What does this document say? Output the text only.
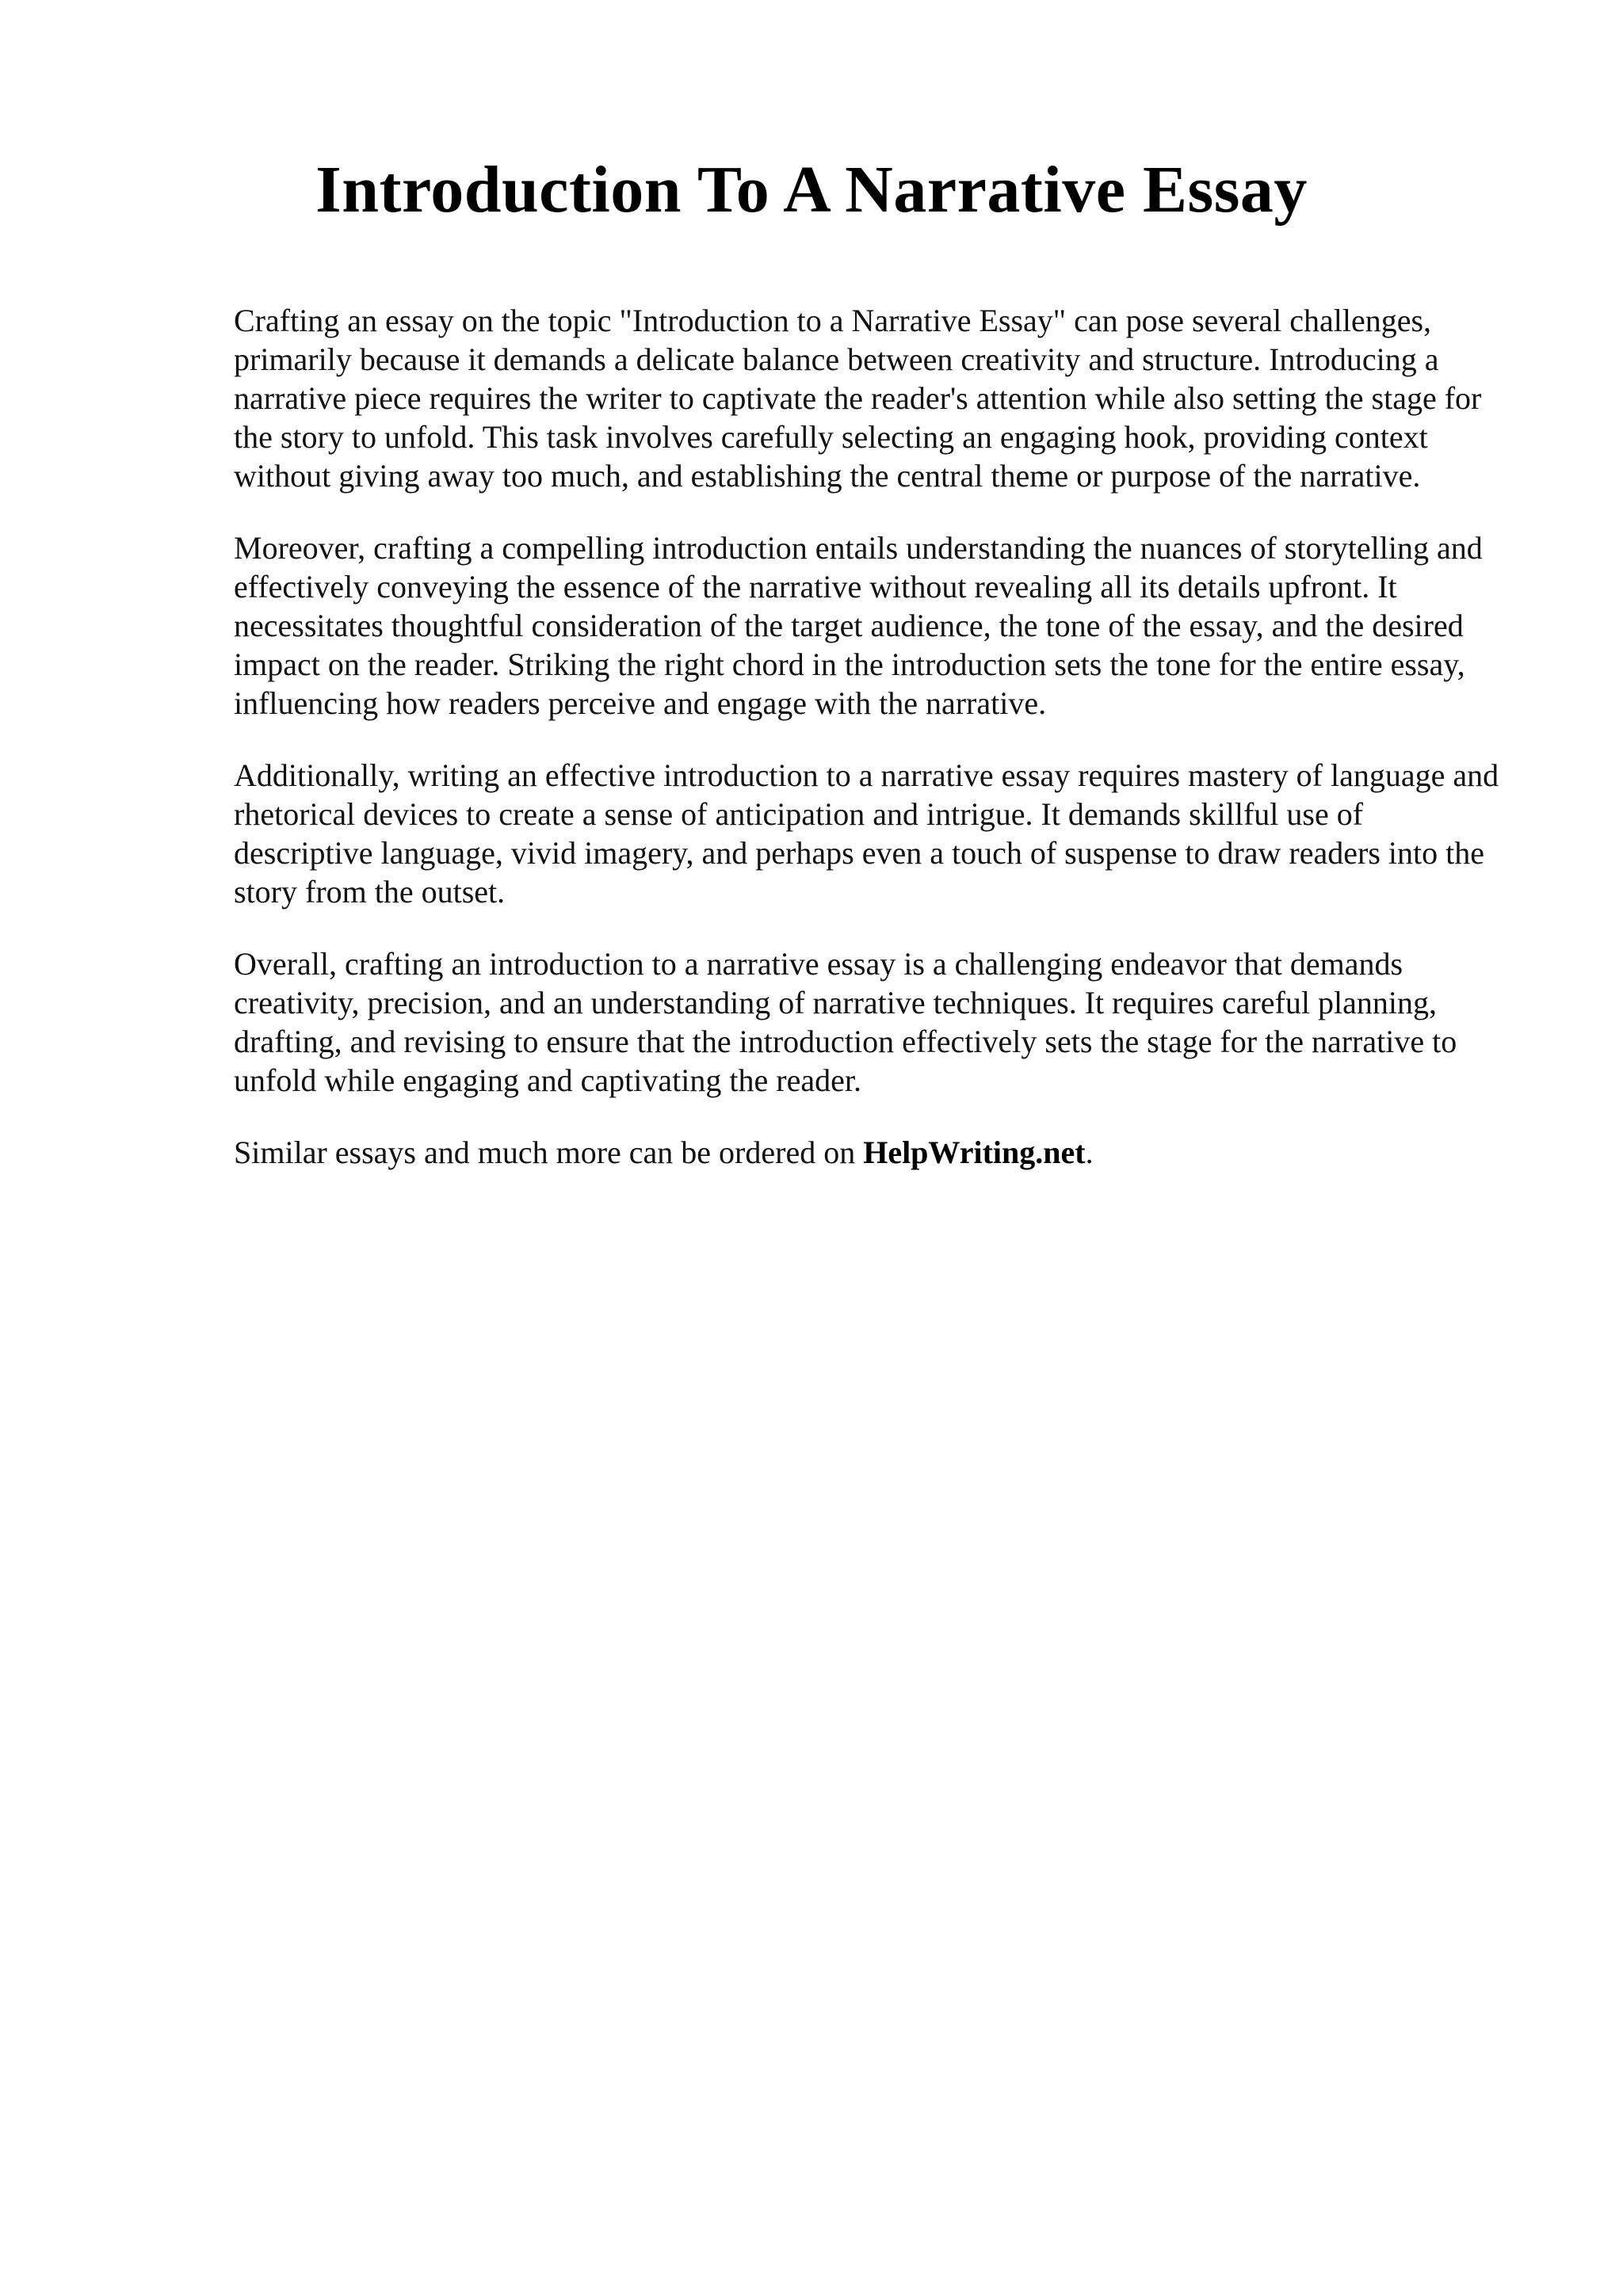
Introduction To A Narrative Essay

Crafting an essay on the topic "Introduction to a Narrative Essay" can pose several challenges, primarily because it demands a delicate balance between creativity and structure. Introducing a narrative piece requires the writer to captivate the reader's attention while also setting the stage for the story to unfold. This task involves carefully selecting an engaging hook, providing context without giving away too much, and establishing the central theme or purpose of the narrative.

Moreover, crafting a compelling introduction entails understanding the nuances of storytelling and effectively conveying the essence of the narrative without revealing all its details upfront. It necessitates thoughtful consideration of the target audience, the tone of the essay, and the desired impact on the reader. Striking the right chord in the introduction sets the tone for the entire essay, influencing how readers perceive and engage with the narrative.

Additionally, writing an effective introduction to a narrative essay requires mastery of language and rhetorical devices to create a sense of anticipation and intrigue. It demands skillful use of descriptive language, vivid imagery, and perhaps even a touch of suspense to draw readers into the story from the outset.

Overall, crafting an introduction to a narrative essay is a challenging endeavor that demands creativity, precision, and an understanding of narrative techniques. It requires careful planning, drafting, and revising to ensure that the introduction effectively sets the stage for the narrative to unfold while engaging and captivating the reader.

Similar essays and much more can be ordered on HelpWriting.net.
